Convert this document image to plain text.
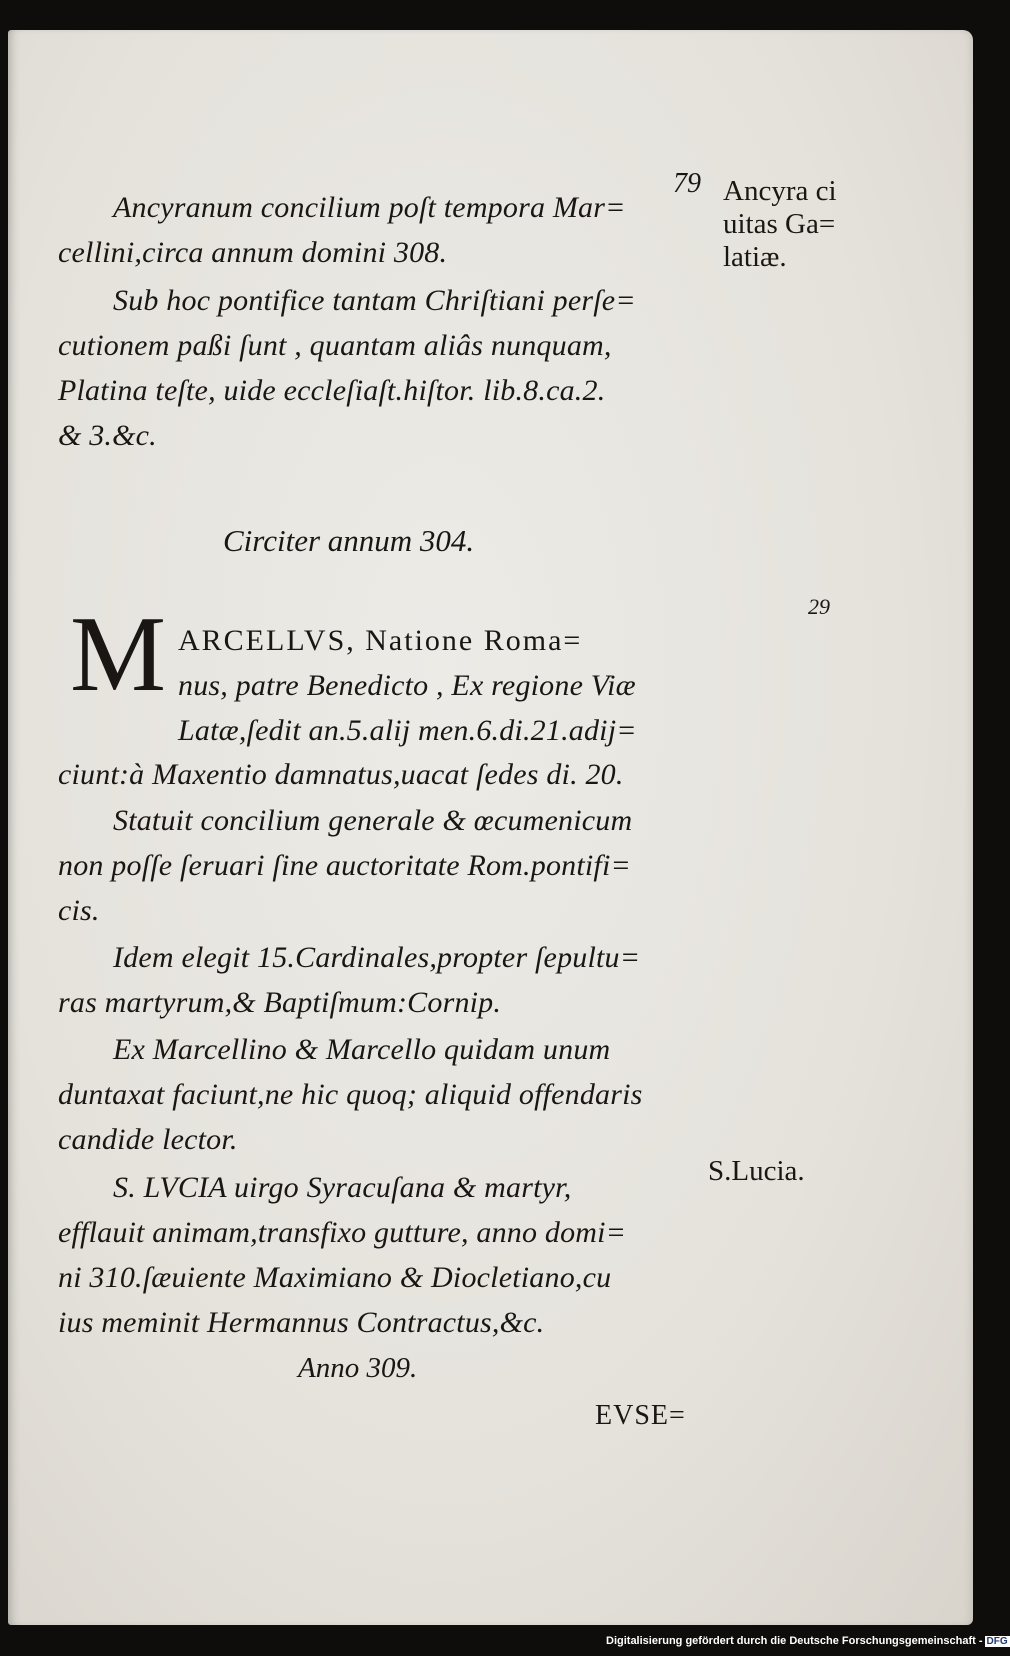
79
Ancyranum concilium poſt tempora Mar=
cellini,circa annum domini 308.
Sub hoc pontifice tantam Chriſtiani perſe=
cutionem paßi ſunt , quantam aliâs nunquam,
Platina teſte, uide eccleſiaſt.hiſtor. lib.8.ca.2.
& 3.&c.
Circiter annum 304.
M ARCELLVS, Natione Roma=
nus, patre Benedicto , Ex regione Viæ
Latæ,ſedit an.5.alij men.6.di.21.adij=
ciunt:à Maxentio damnatus,uacat ſedes di. 20.
Statuit concilium generale & œcumenicum
non poſſe ſeruari ſine auctoritate Rom.pontifi=
cis.
Idem elegit 15.Cardinales,propter ſepultu=
ras martyrum,& Baptiſmum:Cornip.
Ex Marcellino & Marcello quidam unum
duntaxat faciunt,ne hic quoq; aliquid offendaris
candide lector.
S. LVCIA uirgo Syracuſana & martyr,
efflauit animam,transfixo gutture, anno domi=
ni 310.ſæuiente Maximiano & Diocletiano,cu
ius meminit Hermannus Contractus,&c.
Anno 309.
EVSE=
Ancyra ci
uitas Ga=
latiæ.
29
S.Lucia.
Digitalisierung gefördert durch die Deutsche Forschungsgemeinschaft - DFG
